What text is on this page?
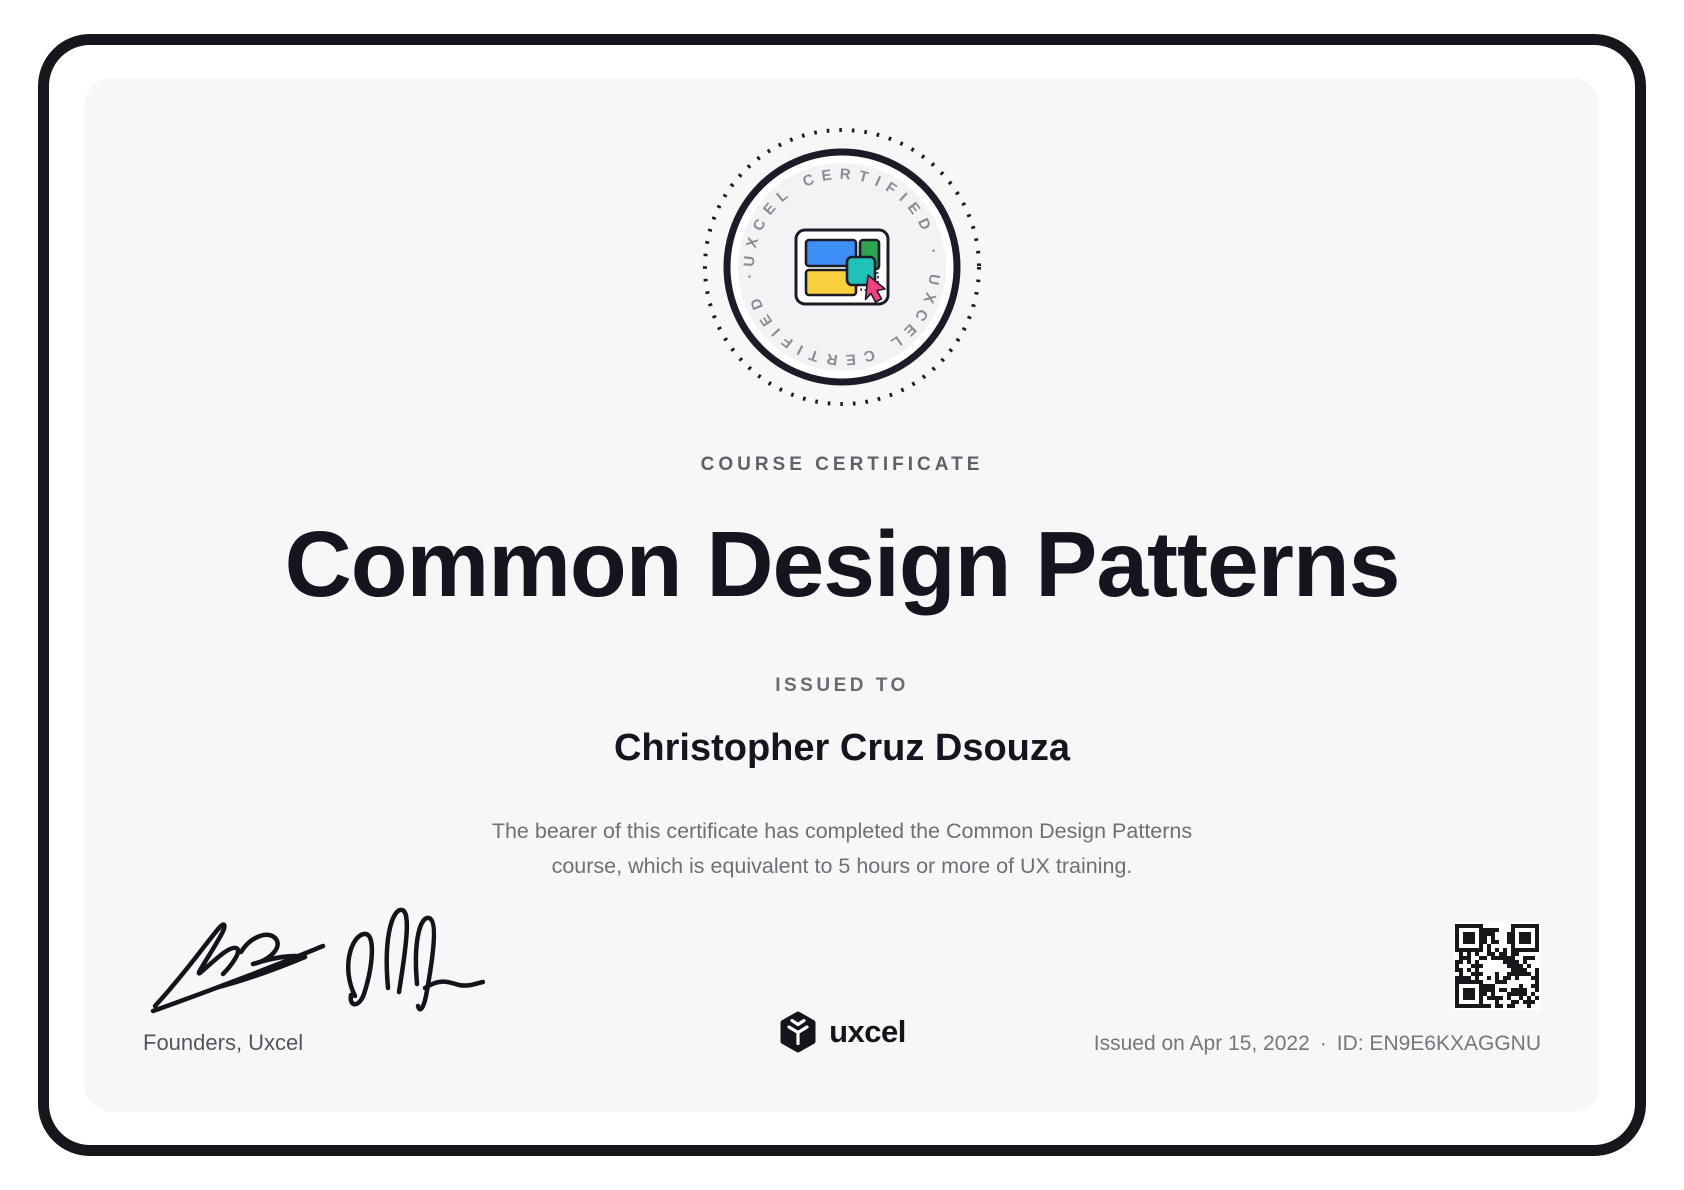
UXCEL CERTIFIED · UXCEL CERTIFIED ·
COURSE CERTIFICATE
Common Design Patterns
ISSUED TO
Christopher Cruz Dsouza
The bearer of this certificate has completed the Common Design Patterns
course, which is equivalent to 5 hours or more of UX training.
Founders, Uxcel	uxcel	Issued on Apr 15, 2022 · ID: EN9E6KXAGGNU
